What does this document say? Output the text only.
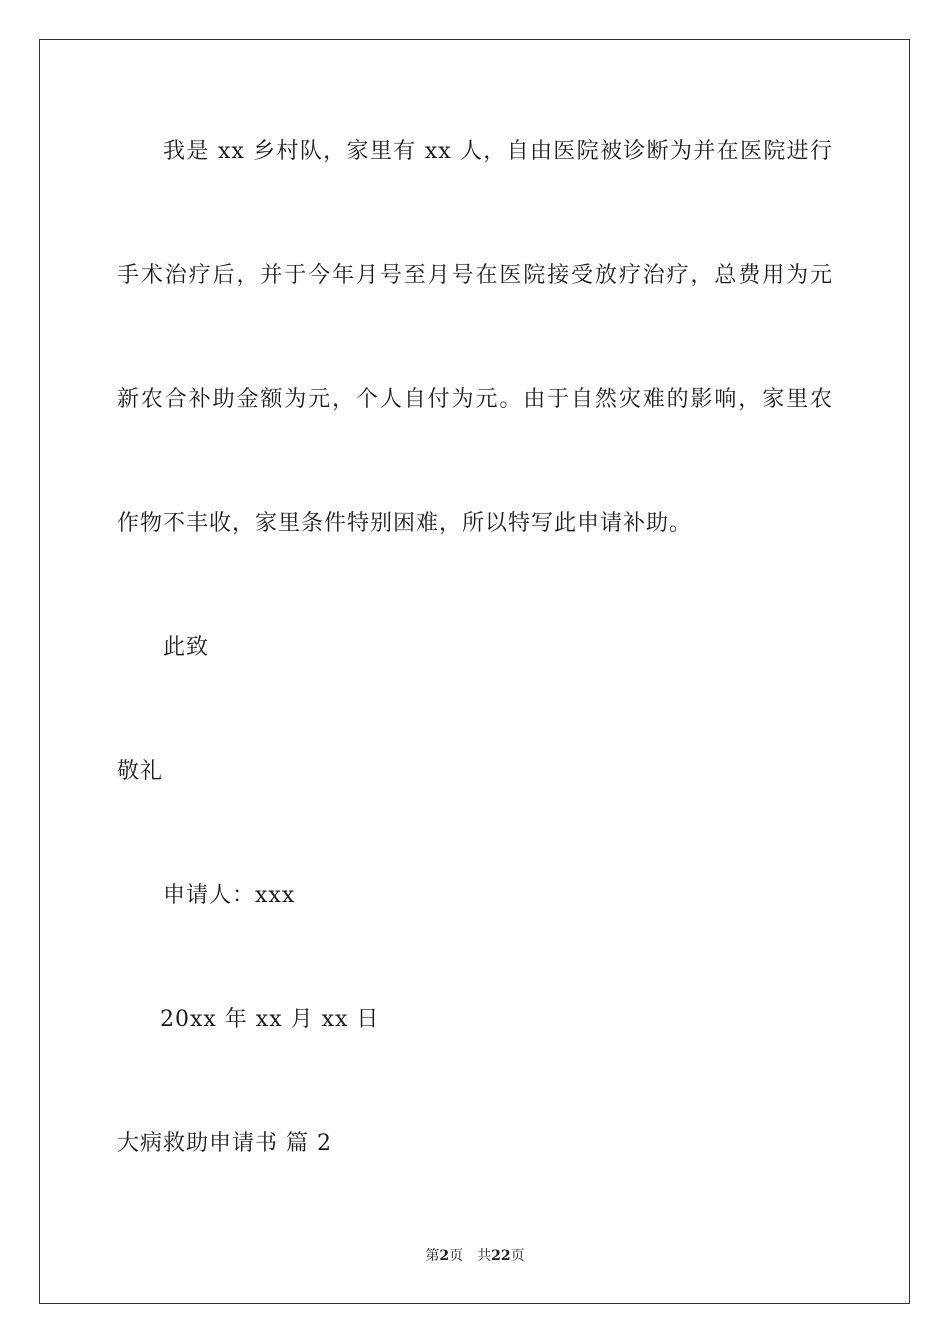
我是 xx 乡村队，家里有 xx 人，自由医院被诊断为并在医院进行
手术治疗后，并于今年月号至月号在医院接受放疗治疗，总费用为元
新农合补助金额为元，个人自付为元。由于自然灾难的影响，家里农
作物不丰收，家里条件特别困难，所以特写此申请补助。
此致
敬礼
申请人：xxx
20xx 年 xx 月 xx 日
大病救助申请书 篇 2
第2页 共22页
